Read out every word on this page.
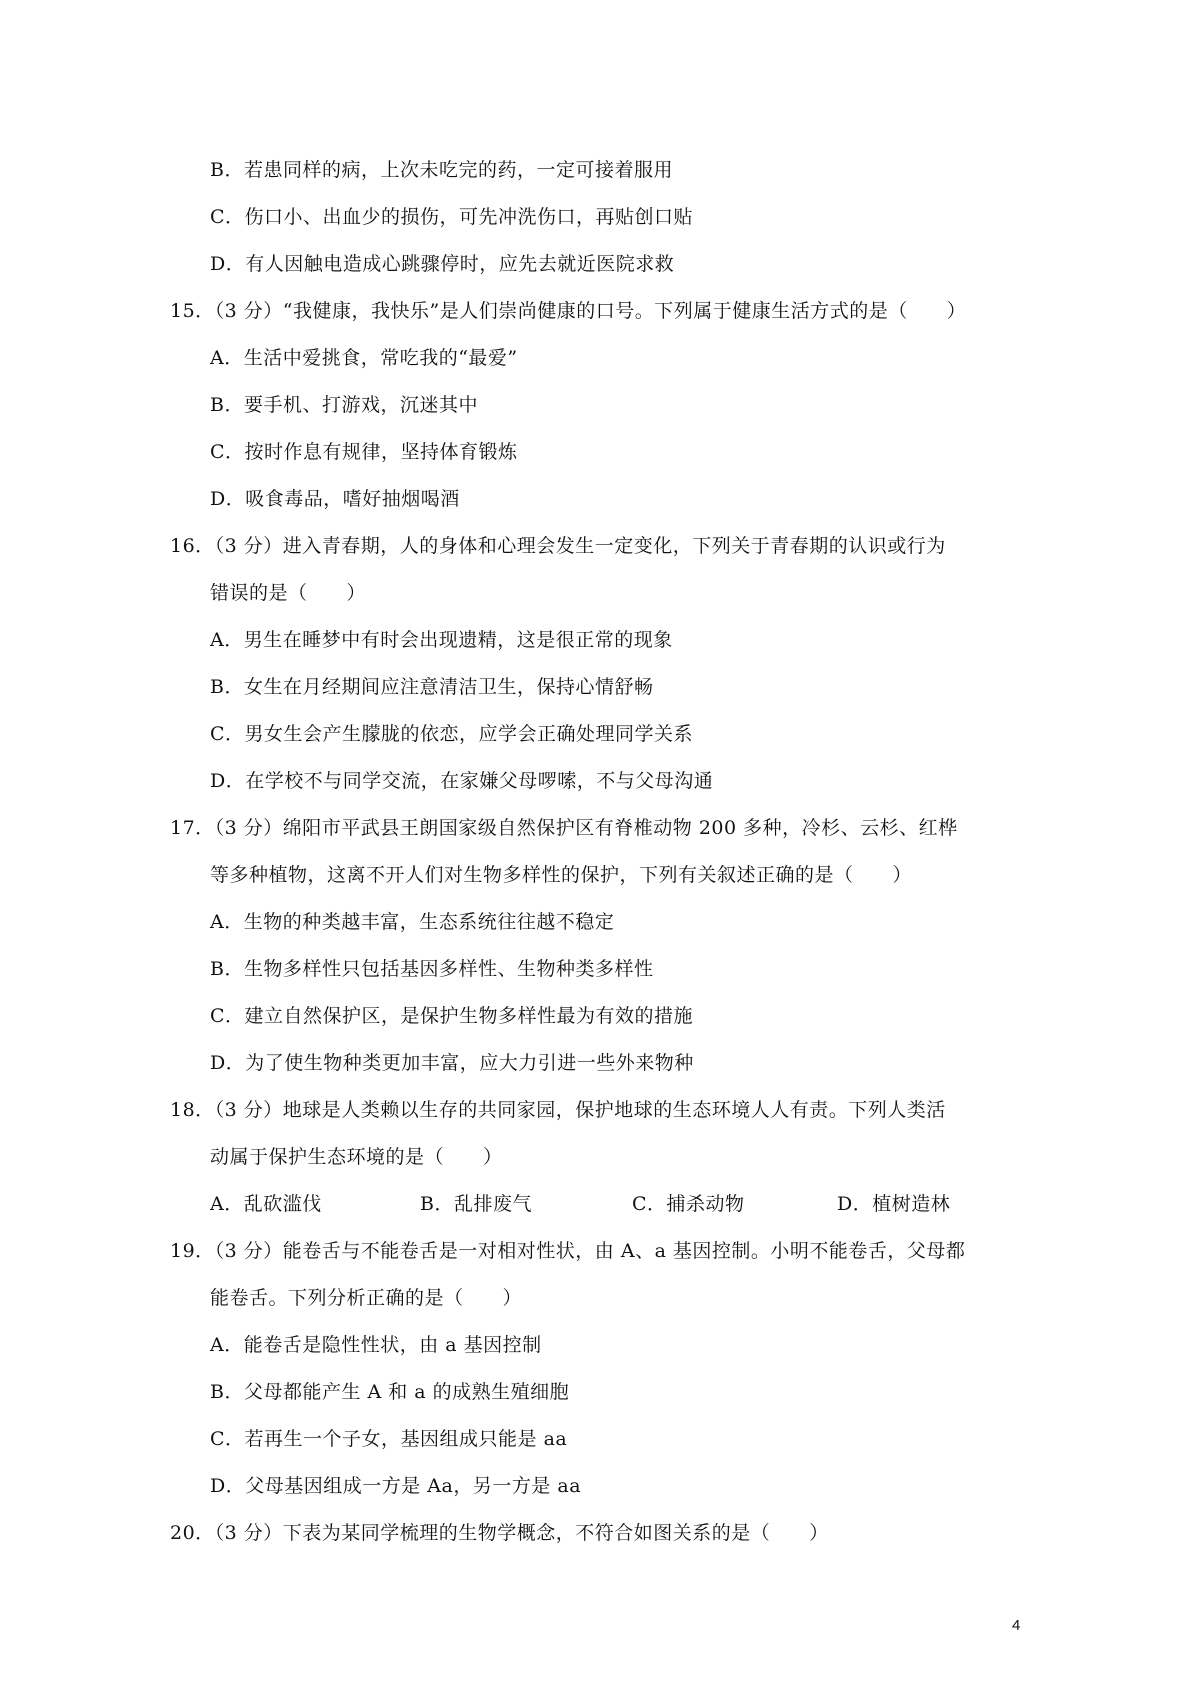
B．若患同样的病，上次未吃完的药，一定可接着服用
C．伤口小、出血少的损伤，可先冲洗伤口，再贴创口贴
D．有人因触电造成心跳骤停时，应先去就近医院求救
15．（3 分）“我健康，我快乐”是人们崇尚健康的口号。下列属于健康生活方式的是（　　）
A．生活中爱挑食，常吃我的“最爱”
B．要手机、打游戏，沉迷其中
C．按时作息有规律，坚持体育锻炼
D．吸食毒品，嗜好抽烟喝酒
16．（3 分）进入青春期，人的身体和心理会发生一定变化，下列关于青春期的认识或行为
错误的是（　　）
A．男生在睡梦中有时会出现遗精，这是很正常的现象
B．女生在月经期间应注意清洁卫生，保持心情舒畅
C．男女生会产生朦胧的依恋，应学会正确处理同学关系
D．在学校不与同学交流，在家嫌父母啰嗦，不与父母沟通
17．（3 分）绵阳市平武县王朗国家级自然保护区有脊椎动物 200 多种，冷杉、云杉、红桦
等多种植物，这离不开人们对生物多样性的保护，下列有关叙述正确的是（　　）
A．生物的种类越丰富，生态系统往往越不稳定
B．生物多样性只包括基因多样性、生物种类多样性
C．建立自然保护区，是保护生物多样性最为有效的措施
D．为了使生物种类更加丰富，应大力引进一些外来物种
18．（3 分）地球是人类赖以生存的共同家园，保护地球的生态环境人人有责。下列人类活
动属于保护生态环境的是（　　）
A．乱砍滥伐	B．乱排废气	C．捕杀动物	D．植树造林
19．（3 分）能卷舌与不能卷舌是一对相对性状，由 A、a 基因控制。小明不能卷舌，父母都
能卷舌。下列分析正确的是（　　）
A．能卷舌是隐性性状，由 a 基因控制
B．父母都能产生 A 和 a 的成熟生殖细胞
C．若再生一个子女，基因组成只能是 aa
D．父母基因组成一方是 Aa，另一方是 aa
20．（3 分）下表为某同学梳理的生物学概念，不符合如图关系的是（　　）
4
